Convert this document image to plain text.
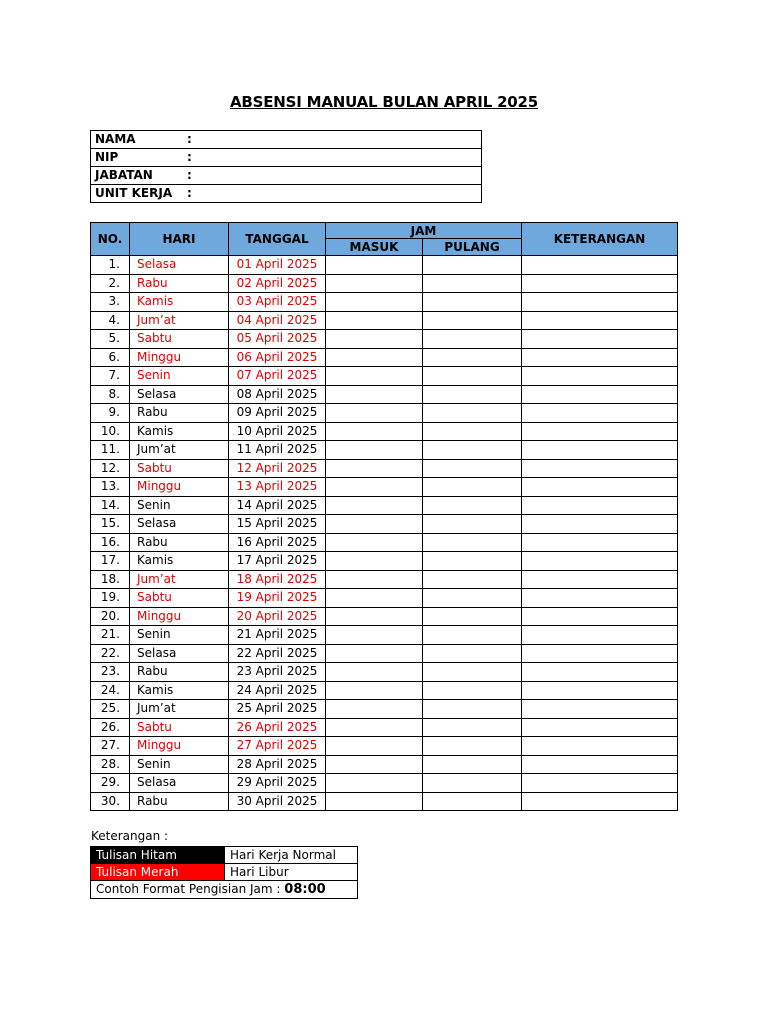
ABSENSI MANUAL BULAN APRIL 2025
NAMA	:	
NIP	:	
JABATAN	:	
UNIT KERJA	:	
NO.	HARI	TANGGAL	JAM		KETERANGAN
			MASUK	PULANG	
1.	Selasa	01 April 2025			
2.	Rabu	02 April 2025			
3.	Kamis	03 April 2025			
4.	Jum’at	04 April 2025			
5.	Sabtu	05 April 2025			
6.	Minggu	06 April 2025			
7.	Senin	07 April 2025			
8.	Selasa	08 April 2025			
9.	Rabu	09 April 2025			
10.	Kamis	10 April 2025			
11.	Jum’at	11 April 2025			
12.	Sabtu	12 April 2025			
13.	Minggu	13 April 2025			
14.	Senin	14 April 2025			
15.	Selasa	15 April 2025			
16.	Rabu	16 April 2025			
17.	Kamis	17 April 2025			
18.	Jum’at	18 April 2025			
19.	Sabtu	19 April 2025			
20.	Minggu	20 April 2025			
21.	Senin	21 April 2025			
22.	Selasa	22 April 2025			
23.	Rabu	23 April 2025			
24.	Kamis	24 April 2025			
25.	Jum’at	25 April 2025			
26.	Sabtu	26 April 2025			
27.	Minggu	27 April 2025			
28.	Senin	28 April 2025			
29.	Selasa	29 April 2025			
30.	Rabu	30 April 2025			
Keterangan :
Tulisan Hitam	Hari Kerja Normal
Tulisan Merah	Hari Libur
Contoh Format Pengisian Jam : 08:00	
